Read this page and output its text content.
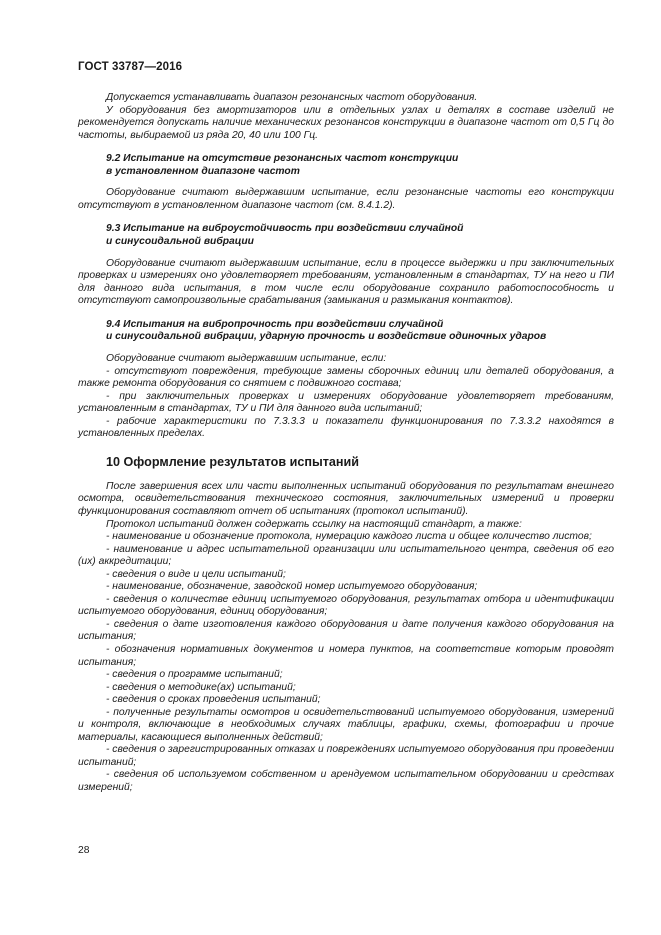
ГОСТ 33787—2016

Допускается устанавливать диапазон резонансных частот оборудования.

У оборудования без амортизаторов или в отдельных узлах и деталях в составе изделий не рекомендуется допускать наличие механических резонансов конструкции в диапазоне частот от 0,5 Гц до частоты, выбираемой из ряда 20, 40 или 100 Гц.

9.2 Испытание на отсутствие резонансных частот конструкции
в установленном диапазоне частот

Оборудование считают выдержавшим испытание, если резонансные частоты его конструкции отсутствуют в установленном диапазоне частот (см. 8.4.1.2).

9.3 Испытание на виброустойчивость при воздействии случайной
и синусоидальной вибрации

Оборудование считают выдержавшим испытание, если в процессе выдержки и при заключительных проверках и измерениях оно удовлетворяет требованиям, установленным в стандартах, ТУ на него и ПИ для данного вида испытания, в том числе если оборудование сохранило работоспособность и отсутствуют самопроизвольные срабатывания (замыкания и размыкания контактов).

9.4 Испытания на вибропрочность при воздействии случайной
и синусоидальной вибрации, ударную прочность и воздействие одиночных ударов

Оборудование считают выдержавшим испытание, если:

- отсутствуют повреждения, требующие замены сборочных единиц или деталей оборудования, а также ремонта оборудования со снятием с подвижного состава;

- при заключительных проверках и измерениях оборудование удовлетворяет требованиям, установленным в стандартах, ТУ и ПИ для данного вида испытаний;

- рабочие характеристики по 7.3.3.3 и показатели функционирования по 7.3.3.2 находятся в установленных пределах.

10 Оформление результатов испытаний

После завершения всех или части выполненных испытаний оборудования по результатам внешнего осмотра, освидетельствования технического состояния, заключительных измерений и проверки функционирования составляют отчет об испытаниях (протокол испытаний).

Протокол испытаний должен содержать ссылку на настоящий стандарт, а также:

- наименование и обозначение протокола, нумерацию каждого листа и общее количество листов;

- наименование и адрес испытательной организации или испытательного центра, сведения об его (их) аккредитации;

- сведения о виде и цели испытаний;

- наименование, обозначение, заводской номер испытуемого оборудования;

- сведения о количестве единиц испытуемого оборудования, результатах отбора и идентификации испытуемого оборудования, единиц оборудования;

- сведения о дате изготовления каждого оборудования и дате получения каждого оборудования на испытания;

- обозначения нормативных документов и номера пунктов, на соответствие которым проводят испытания;

- сведения о программе испытаний;

- сведения о методике(ах) испытаний;

- сведения о сроках проведения испытаний;

- полученные результаты осмотров и освидетельствований испытуемого оборудования, измерений и контроля, включающие в необходимых случаях таблицы, графики, схемы, фотографии и прочие материалы, касающиеся выполненных действий;

- сведения о зарегистрированных отказах и повреждениях испытуемого оборудования при проведении испытаний;

- сведения об используемом собственном и арендуемом испытательном оборудовании и средствах измерений;

28
